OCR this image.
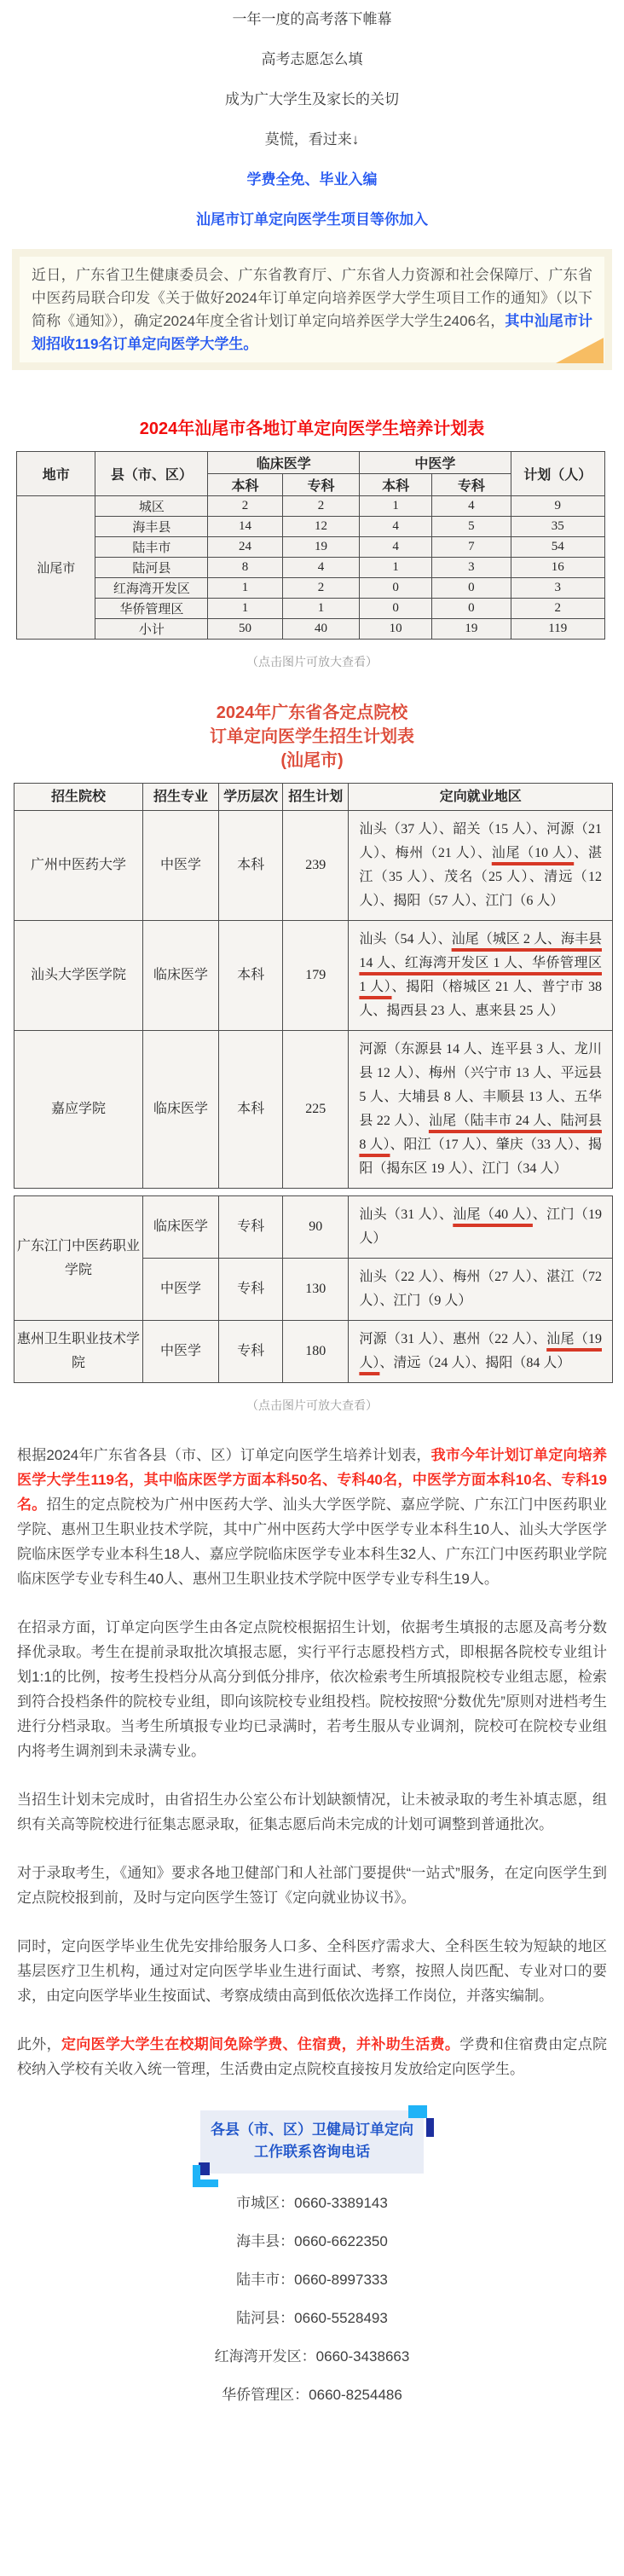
一年一度的高考落下帷幕

高考志愿怎么填

成为广大学生及家长的关切

莫慌，看过来↓

学费全免、毕业入编

汕尾市订单定向医学生项目等你加入

近日，广东省卫生健康委员会、广东省教育厅、广东省人力资源和社会保障厅、广东省中医药局联合印发《关于做好2024年订单定向培养医学大学生项目工作的通知》（以下简称《通知》），确定2024年度全省计划订单定向培养医学大学生2406名，其中汕尾市计划招收119名订单定向医学大学生。

2024年汕尾市各地订单定向医学生培养计划表
地市	县（市、区）	临床医学		中医学		计划（人）
		本科	专科	本科	专科	
汕尾市	城区	2	2	1	4	9
	海丰县	14	12	4	5	35
	陆丰市	24	19	4	7	54
	陆河县	8	4	1	3	16
	红海湾开发区	1	2	0	0	3
	华侨管理区	1	1	0	0	2
	小计	50	40	10	19	119

（点击图片可放大查看）

2024年广东省各定点院校
订单定向医学生招生计划表
(汕尾市)
招生院校	招生专业	学历层次	招生计划	定向就业地区
广州中医药大学	中医学	本科	239	汕头（37 人）、韶关（15 人）、河源（21 人）、梅州（21 人）、汕尾（10 人）、湛江（35 人）、茂名（25 人）、清远（12 人）、揭阳（57 人）、江门（6 人）
汕头大学医学院	临床医学	本科	179	汕头（54 人）、汕尾（城区 2 人、海丰县 14 人、红海湾开发区 1 人、华侨管理区 1 人）、揭阳（榕城区 21 人、普宁市 38 人、揭西县 23 人、惠来县 25 人）
嘉应学院	临床医学	本科	225	河源（东源县 14 人、连平县 3 人、龙川县 12 人）、梅州（兴宁市 13 人、平远县 5 人、大埔县 8 人、丰顺县 13 人、五华县 22 人）、汕尾（陆丰市 24 人、陆河县 8 人）、阳江（17 人）、肇庆（33 人）、揭阳（揭东区 19 人）、江门（34 人）
广东江门中医药职业学院	临床医学	专科	90	汕头（31 人）、汕尾（40 人）、江门（19 人）
	中医学	专科	130	汕头（22 人）、梅州（27 人）、湛江（72 人）、江门（9 人）
惠州卫生职业技术学院	中医学	专科	180	河源（31 人）、惠州（22 人）、汕尾（19 人）、清远（24 人）、揭阳（84 人）

（点击图片可放大查看）

根据2024年广东省各县（市、区）订单定向医学生培养计划表，我市今年计划订单定向培养医学大学生119名，其中临床医学方面本科50名、专科40名，中医学方面本科10名、专科19名。招生的定点院校为广州中医药大学、汕头大学医学院、嘉应学院、广东江门中医药职业学院、惠州卫生职业技术学院，其中广州中医药大学中医学专业本科生10人、汕头大学医学院临床医学专业本科生18人、嘉应学院临床医学专业本科生32人、广东江门中医药职业学院临床医学专业专科生40人、惠州卫生职业技术学院中医学专业专科生19人。
在招录方面，订单定向医学生由各定点院校根据招生计划，依据考生填报的志愿及高考分数择优录取。考生在提前录取批次填报志愿，实行平行志愿投档方式，即根据各院校专业组计划1:1的比例，按考生投档分从高分到低分排序，依次检索考生所填报院校专业组志愿，检索到符合投档条件的院校专业组，即向该院校专业组投档。院校按照“分数优先”原则对进档考生进行分档录取。当考生所填报专业均已录满时，若考生服从专业调剂，院校可在院校专业组内将考生调剂到未录满专业。
当招生计划未完成时，由省招生办公室公布计划缺额情况，让未被录取的考生补填志愿，组织有关高等院校进行征集志愿录取，征集志愿后尚未完成的计划可调整到普通批次。
对于录取考生，《通知》要求各地卫健部门和人社部门要提供“一站式”服务，在定向医学生到定点院校报到前，及时与定向医学生签订《定向就业协议书》。
同时，定向医学毕业生优先安排给服务人口多、全科医疗需求大、全科医生较为短缺的地区基层医疗卫生机构，通过对定向医学毕业生进行面试、考察，按照人岗匹配、专业对口的要求，由定向医学毕业生按面试、考察成绩由高到低依次选择工作岗位，并落实编制。
此外，定向医学大学生在校期间免除学费、住宿费，并补助生活费。学费和住宿费由定点院校纳入学校有关收入统一管理，生活费由定点院校直接按月发放给定向医学生。
各县（市、区）卫健局订单定向
工作联系咨询电话
市城区：0660-3389143
海丰县：0660-6622350
陆丰市：0660-8997333
陆河县：0660-5528493
红海湾开发区：0660-3438663
华侨管理区：0660-8254486
